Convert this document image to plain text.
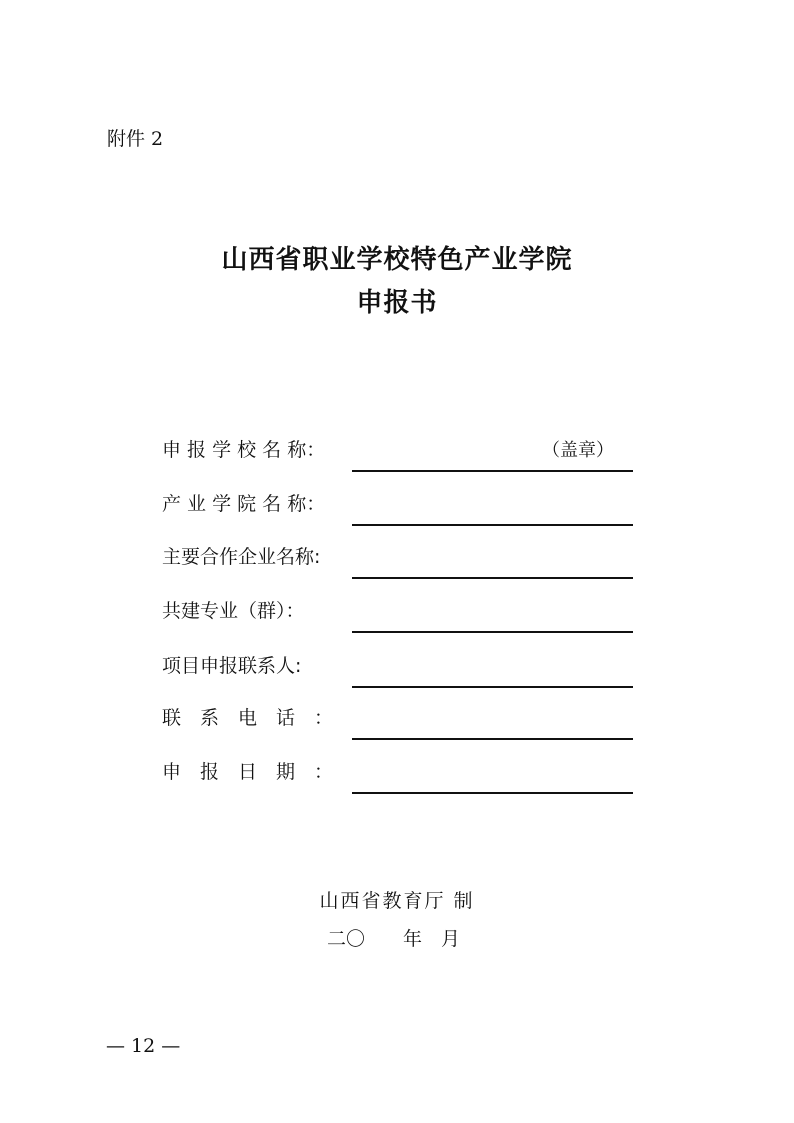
附件 2
山西省职业学校特色产业学院
申报书
申 报 学 校 名 称：	（盖章）
产 业 学 院 名 称：
主要合作企业名称:
共建专业（群）：
项目申报联系人:
联　系　电　话　：
申　报　日　期　：
山西省教育厅 制
二〇　　年　月
— 12 —
